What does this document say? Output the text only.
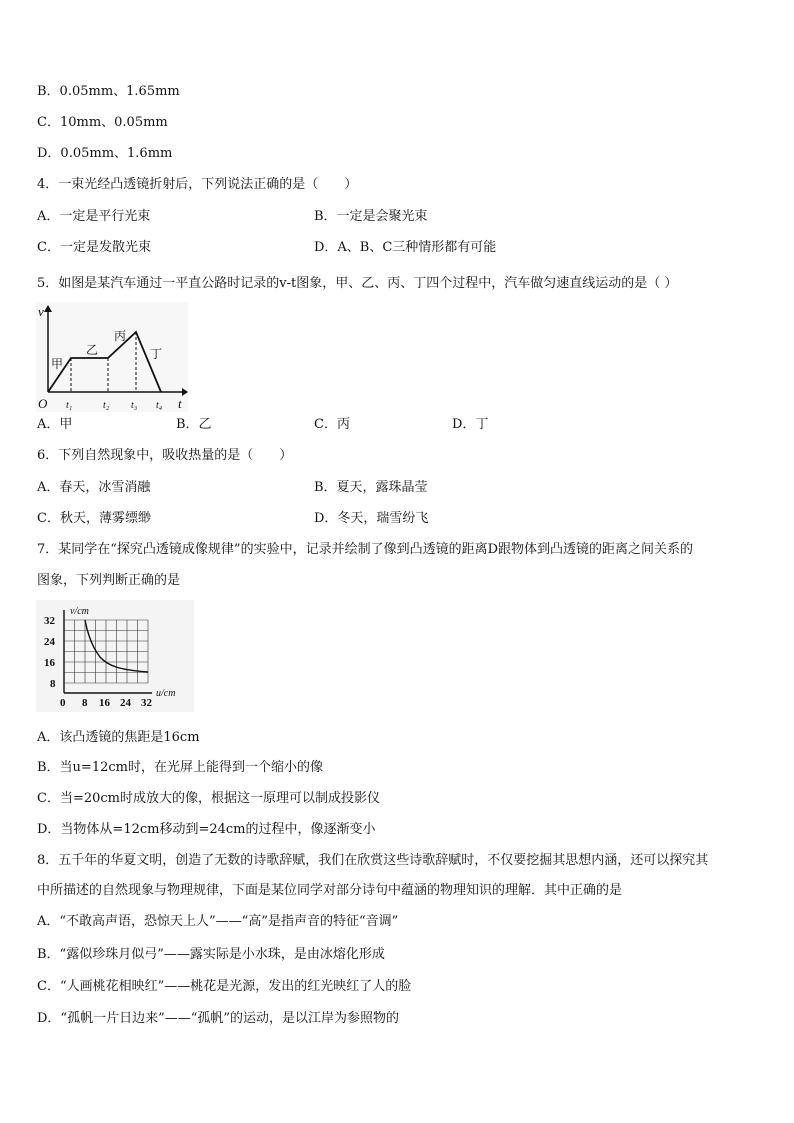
B．0.05mm、1.65mm
C．10mm、0.05mm
D．0.05mm、1.6mm
4．一束光经凸透镜折射后，下列说法正确的是（　　）
A．一定是平行光束	B．一定是会聚光束
C．一定是发散光束	D．A、B、C三种情形都有可能
5．如图是某汽车通过一平直公路时记录的v-t图象，甲、乙、丙、丁四个过程中，汽车做匀速直线运动的是（ ）
v
t
O t₁	t₂ t₃ t₄
甲
乙
丙
丁
A．甲	B．乙	C．丙	D．丁
6．下列自然现象中，吸收热量的是（　　）
A．春天，冰雪消融	B．夏天，露珠晶莹
C．秋天，薄雾缥缈	D．冬天，瑞雪纷飞
7．某同学在“探究凸透镜成像规律”的实验中，记录并绘制了像到凸透镜的距离D跟物体到凸透镜的距离之间关系的
图象，下列判断正确的是
v/cm
u/cm
32
24
16
8
0 8 16 24 32
A．该凸透镜的焦距是16cm
B．当u=12cm时，在光屏上能得到一个缩小的像
C．当=20cm时成放大的像，根据这一原理可以制成投影仪
D．当物体从=12cm移动到=24cm的过程中，像逐渐变小
8．五千年的华夏文明，创造了无数的诗歌辞赋，我们在欣赏这些诗歌辞赋时，不仅要挖掘其思想内涵，还可以探究其
中所描述的自然现象与物理规律，下面是某位同学对部分诗句中蕴涵的物理知识的理解．其中正确的是
A．“不敢高声语，恐惊天上人”——“高”是指声音的特征“音调”
B．“露似珍珠月似弓”——露实际是小水珠，是由冰熔化形成
C．“人画桃花相映红”——桃花是光源，发出的红光映红了人的脸
D．“孤帆一片日边来”——“孤帆”的运动，是以江岸为参照物的
